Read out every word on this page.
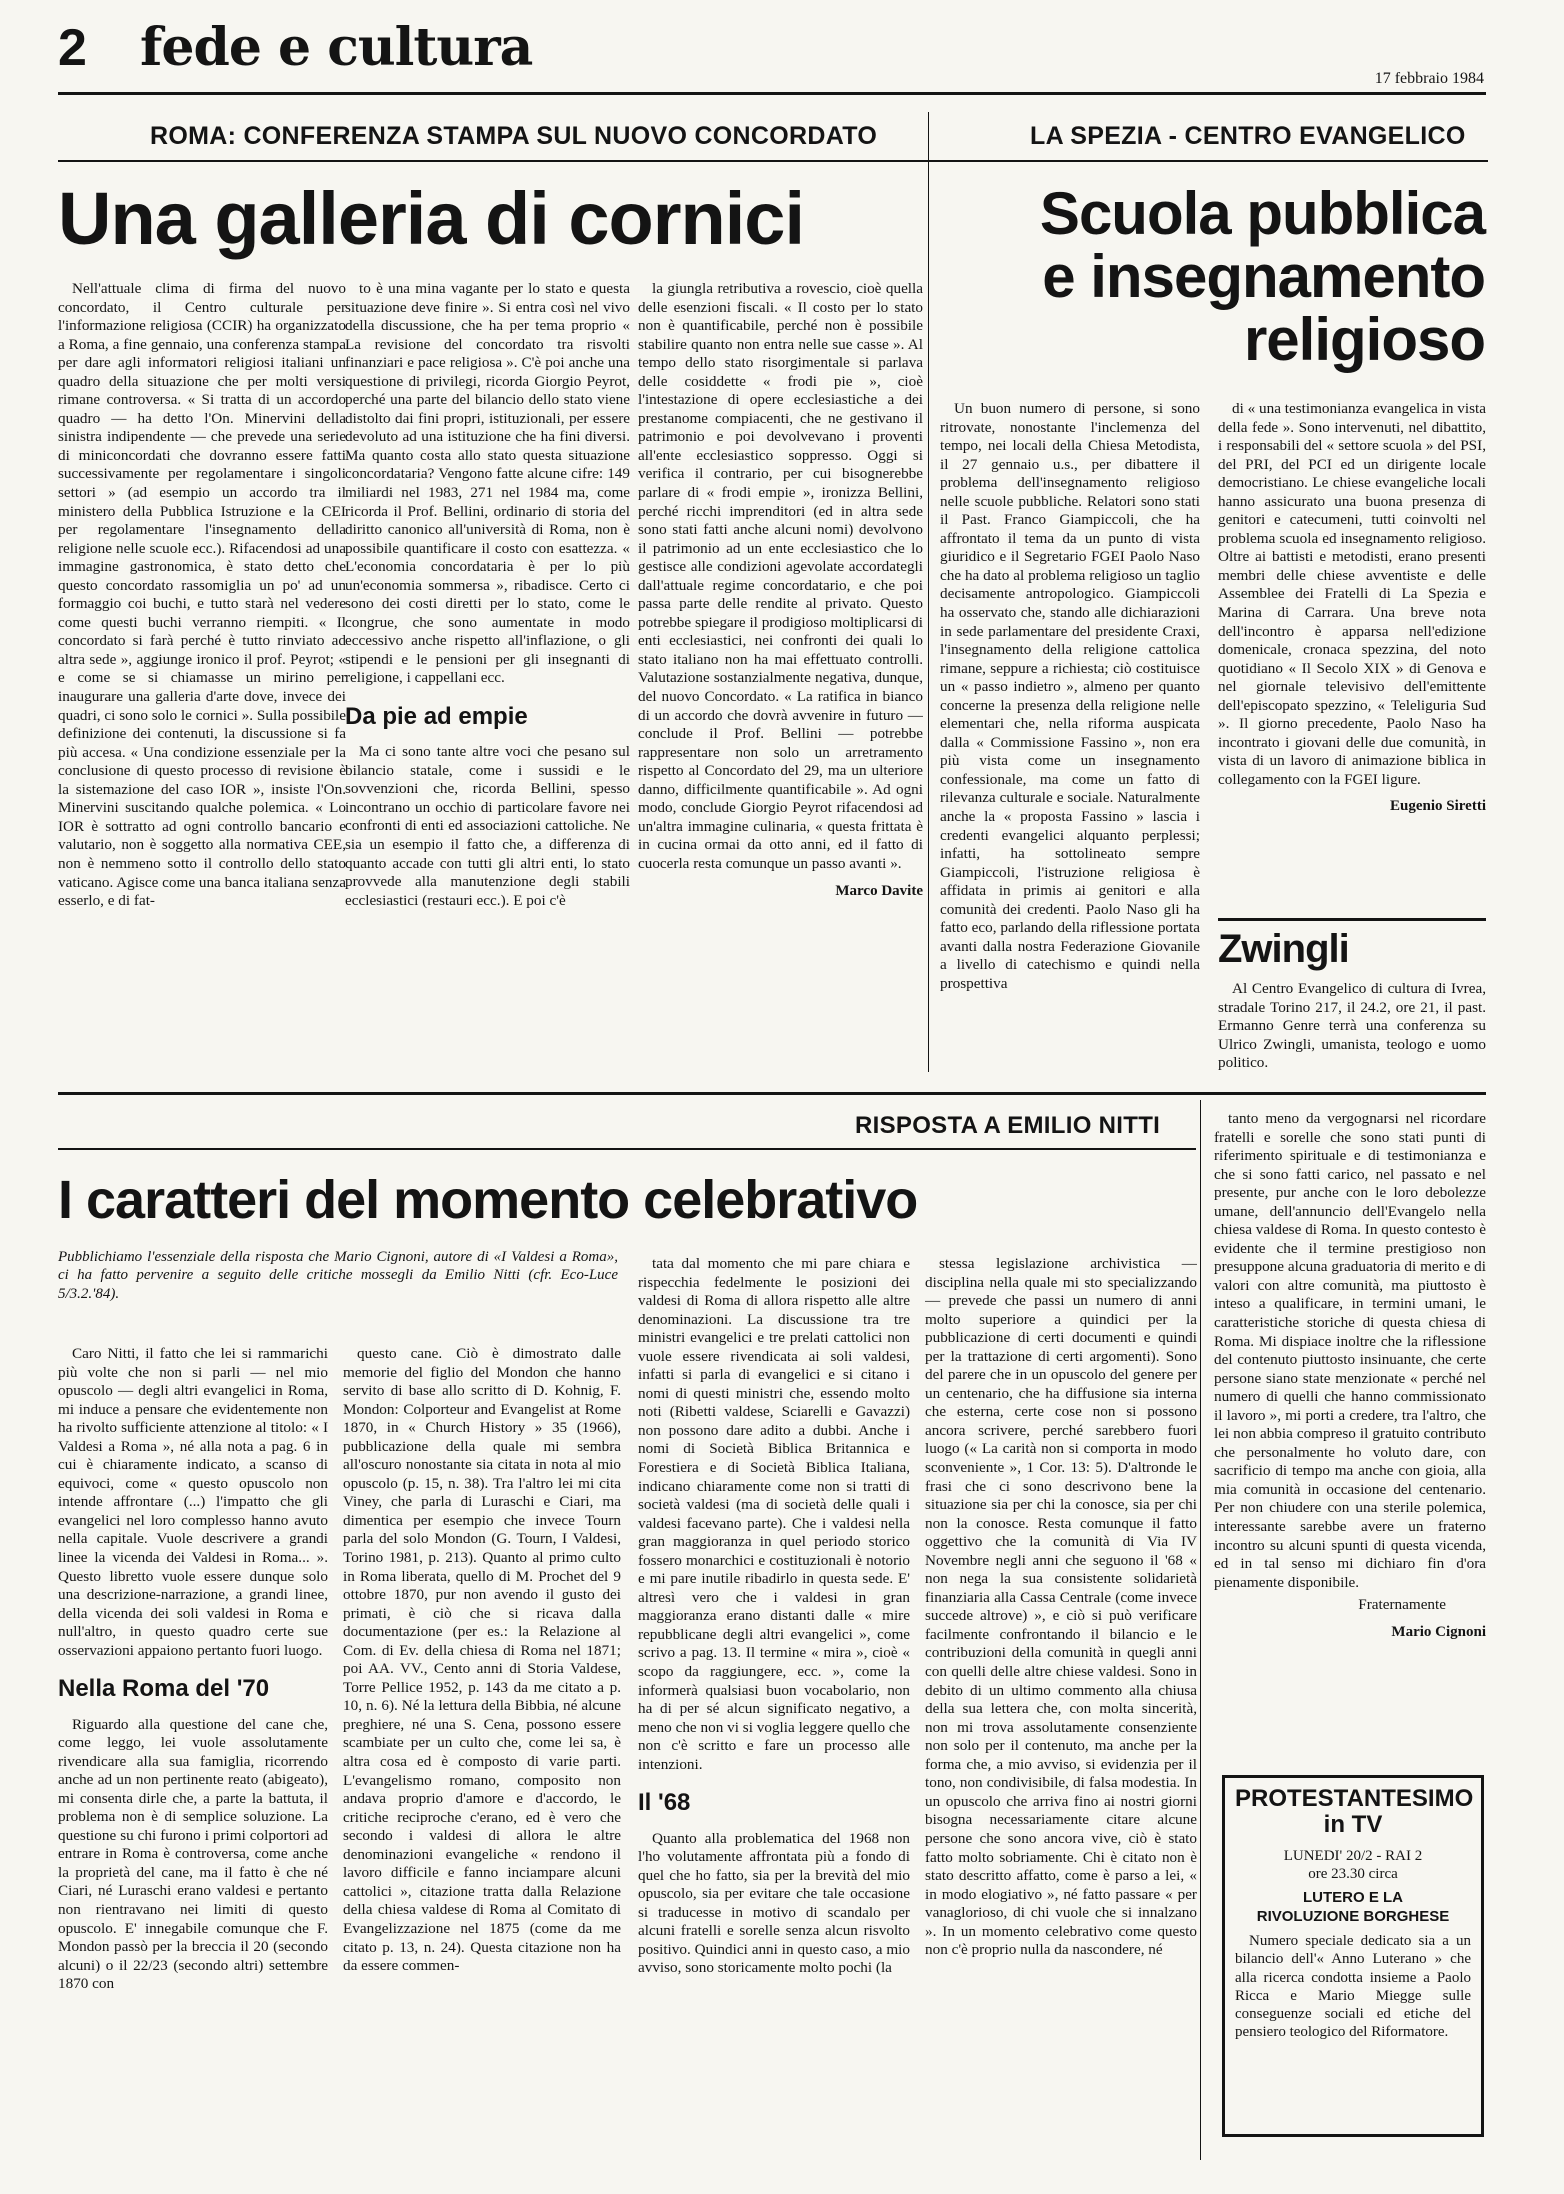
2 fede e cultura
17 febbraio 1984
ROMA: CONFERENZA STAMPA SUL NUOVO CONCORDATO
Una galleria di cornici

Nell'attuale clima di firma del nuovo concordato, il Centro culturale per l'informazione religiosa (CCIR) ha organizzato a Roma, a fine gennaio, una conferenza stampa per dare agli informatori religiosi italiani un quadro della situazione che per molti versi rimane controversa. « Si tratta di un accordo quadro — ha detto l'On. Minervini della sinistra indipendente — che prevede una serie di miniconcordati che dovranno essere fatti successivamente per regolamentare i singoli settori » (ad esempio un accordo tra il ministero della Pubblica Istruzione e la CEI per regolamentare l'insegnamento della religione nelle scuole ecc.). Rifacendosi ad una immagine gastronomica, è stato detto che questo concordato rassomiglia un po' ad un formaggio coi buchi, e tutto starà nel vedere come questi buchi verranno riempiti. « Il concordato si farà perché è tutto rinviato ad altra sede », aggiunge ironico il prof. Peyrot; « e come se si chiamasse un mirino per inaugurare una galleria d'arte dove, invece dei quadri, ci sono solo le cornici ». Sulla possibile definizione dei contenuti, la discussione si fa più accesa. « Una condizione essenziale per la conclusione di questo processo di revisione è la sistemazione del caso IOR », insiste l'On. Minervini suscitando qualche polemica. « Lo IOR è sottratto ad ogni controllo bancario e valutario, non è soggetto alla normativa CEE, non è nemmeno sotto il controllo dello stato vaticano. Agisce come una banca italiana senza esserlo, e di fat-

to è una mina vagante per lo stato e questa situazione deve finire ». Si entra così nel vivo della discussione, che ha per tema proprio « La revisione del concordato tra risvolti finanziari e pace religiosa ». C'è poi anche una questione di privilegi, ricorda Giorgio Peyrot, perché una parte del bilancio dello stato viene distolto dai fini propri, istituzionali, per essere devoluto ad una istituzione che ha fini diversi. Ma quanto costa allo stato questa situazione concordataria? Vengono fatte alcune cifre: 149 miliardi nel 1983, 271 nel 1984 ma, come ricorda il Prof. Bellini, ordinario di storia del diritto canonico all'università di Roma, non è possibile quantificare il costo con esattezza. « L'economia concordataria è per lo più un'economia sommersa », ribadisce. Certo ci sono dei costi diretti per lo stato, come le congrue, che sono aumentate in modo eccessivo anche rispetto all'inflazione, o gli stipendi e le pensioni per gli insegnanti di religione, i cappellani ecc.

Da pie ad empie

Ma ci sono tante altre voci che pesano sul bilancio statale, come i sussidi e le sovvenzioni che, ricorda Bellini, spesso incontrano un occhio di particolare favore nei confronti di enti ed associazioni cattoliche. Ne sia un esempio il fatto che, a differenza di quanto accade con tutti gli altri enti, lo stato provvede alla manutenzione degli stabili ecclesiastici (restauri ecc.). E poi c'è

la giungla retributiva a rovescio, cioè quella delle esenzioni fiscali. « Il costo per lo stato non è quantificabile, perché non è possibile stabilire quanto non entra nelle sue casse ». Al tempo dello stato risorgimentale si parlava delle cosiddette « frodi pie », cioè l'intestazione di opere ecclesiastiche a dei prestanome compiacenti, che ne gestivano il patrimonio e poi devolvevano i proventi all'ente ecclesiastico soppresso. Oggi si verifica il contrario, per cui bisognerebbe parlare di « frodi empie », ironizza Bellini, perché ricchi imprenditori (ed in altra sede sono stati fatti anche alcuni nomi) devolvono il patrimonio ad un ente ecclesiastico che lo gestisce alle condizioni agevolate accordategli dall'attuale regime concordatario, e che poi passa parte delle rendite al privato. Questo potrebbe spiegare il prodigioso moltiplicarsi di enti ecclesiastici, nei confronti dei quali lo stato italiano non ha mai effettuato controlli. Valutazione sostanzialmente negativa, dunque, del nuovo Concordato. « La ratifica in bianco di un accordo che dovrà avvenire in futuro — conclude il Prof. Bellini — potrebbe rappresentare non solo un arretramento rispetto al Concordato del 29, ma un ulteriore danno, difficilmente quantificabile ». Ad ogni modo, conclude Giorgio Peyrot rifacendosi ad un'altra immagine culinaria, « questa frittata è in cucina ormai da otto anni, ed il fatto di cuocerla resta comunque un passo avanti ».

Marco Davite
LA SPEZIA - CENTRO EVANGELICO
Scuola pubblica
e insegnamento
religioso

Un buon numero di persone, si sono ritrovate, nonostante l'inclemenza del tempo, nei locali della Chiesa Metodista, il 27 gennaio u.s., per dibattere il problema dell'insegnamento religioso nelle scuole pubbliche. Relatori sono stati il Past. Franco Giampiccoli, che ha affrontato il tema da un punto di vista giuridico e il Segretario FGEI Paolo Naso che ha dato al problema religioso un taglio decisamente antropologico. Giampiccoli ha osservato che, stando alle dichiarazioni in sede parlamentare del presidente Craxi, l'insegnamento della religione cattolica rimane, seppure a richiesta; ciò costituisce un « passo indietro », almeno per quanto concerne la presenza della religione nelle elementari che, nella riforma auspicata dalla « Commissione Fassino », non era più vista come un insegnamento confessionale, ma come un fatto di rilevanza culturale e sociale. Naturalmente anche la « proposta Fassino » lascia i credenti evangelici alquanto perplessi; infatti, ha sottolineato sempre Giampiccoli, l'istruzione religiosa è affidata in primis ai genitori e alla comunità dei credenti. Paolo Naso gli ha fatto eco, parlando della riflessione portata avanti dalla nostra Federazione Giovanile a livello di catechismo e quindi nella prospettiva

di « una testimonianza evangelica in vista della fede ». Sono intervenuti, nel dibattito, i responsabili del « settore scuola » del PSI, del PRI, del PCI ed un dirigente locale democristiano. Le chiese evangeliche locali hanno assicurato una buona presenza di genitori e catecumeni, tutti coinvolti nel problema scuola ed insegnamento religioso. Oltre ai battisti e metodisti, erano presenti membri delle chiese avventiste e delle Assemblee dei Fratelli di La Spezia e Marina di Carrara. Una breve nota dell'incontro è apparsa nell'edizione domenicale, cronaca spezzina, del noto quotidiano « Il Secolo XIX » di Genova e nel giornale televisivo dell'emittente dell'episcopato spezzino, « Teleliguria Sud ». Il giorno precedente, Paolo Naso ha incontrato i giovani delle due comunità, in vista di un lavoro di animazione biblica in collegamento con la FGEI ligure.

Eugenio Siretti
Zwingli

Al Centro Evangelico di cultura di Ivrea, stradale Torino 217, il 24.2, ore 21, il past. Ermanno Genre terrà una conferenza su Ulrico Zwingli, umanista, teologo e uomo politico.

RISPOSTA A EMILIO NITTI
I caratteri del momento celebrativo
Pubblichiamo l'essenziale della risposta che Mario Cignoni, autore di «I Valdesi a Roma», ci ha fatto pervenire a seguito delle critiche mossegli da Emilio Nitti (cfr. Eco-Luce 5/3.2.'84).

Caro Nitti, il fatto che lei si rammarichi più volte che non si parli — nel mio opuscolo — degli altri evangelici in Roma, mi induce a pensare che evidentemente non ha rivolto sufficiente attenzione al titolo: « I Valdesi a Roma », né alla nota a pag. 6 in cui è chiaramente indicato, a scanso di equivoci, come « questo opuscolo non intende affrontare (...) l'impatto che gli evangelici nel loro complesso hanno avuto nella capitale. Vuole descrivere a grandi linee la vicenda dei Valdesi in Roma... ». Questo libretto vuole essere dunque solo una descrizione-narrazione, a grandi linee, della vicenda dei soli valdesi in Roma e null'altro, in questo quadro certe sue osservazioni appaiono pertanto fuori luogo.

Nella Roma del '70

Riguardo alla questione del cane che, come leggo, lei vuole assolutamente rivendicare alla sua famiglia, ricorrendo anche ad un non pertinente reato (abigeato), mi consenta dirle che, a parte la battuta, il problema non è di semplice soluzione. La questione su chi furono i primi colportori ad entrare in Roma è controversa, come anche la proprietà del cane, ma il fatto è che né Ciari, né Luraschi erano valdesi e pertanto non rientravano nei limiti di questo opuscolo. E' innegabile comunque che F. Mondon passò per la breccia il 20 (secondo alcuni) o il 22/23 (secondo altri) settembre 1870 con

questo cane. Ciò è dimostrato dalle memorie del figlio del Mondon che hanno servito di base allo scritto di D. Kohnig, F. Mondon: Colporteur and Evangelist at Rome 1870, in « Church History » 35 (1966), pubblicazione della quale mi sembra all'oscuro nonostante sia citata in nota al mio opuscolo (p. 15, n. 38). Tra l'altro lei mi cita Viney, che parla di Luraschi e Ciari, ma dimentica per esempio che invece Tourn parla del solo Mondon (G. Tourn, I Valdesi, Torino 1981, p. 213). Quanto al primo culto in Roma liberata, quello di M. Prochet del 9 ottobre 1870, pur non avendo il gusto dei primati, è ciò che si ricava dalla documentazione (per es.: la Relazione al Com. di Ev. della chiesa di Roma nel 1871; poi AA. VV., Cento anni di Storia Valdese, Torre Pellice 1952, p. 143 da me citato a p. 10, n. 6). Né la lettura della Bibbia, né alcune preghiere, né una S. Cena, possono essere scambiate per un culto che, come lei sa, è altra cosa ed è composto di varie parti. L'evangelismo romano, composito non andava proprio d'amore e d'accordo, le critiche reciproche c'erano, ed è vero che secondo i valdesi di allora le altre denominazioni evangeliche « rendono il lavoro difficile e fanno inciampare alcuni cattolici », citazione tratta dalla Relazione della chiesa valdese di Roma al Comitato di Evangelizzazione nel 1875 (come da me citato p. 13, n. 24). Questa citazione non ha da essere commen-

tata dal momento che mi pare chiara e rispecchia fedelmente le posizioni dei valdesi di Roma di allora rispetto alle altre denominazioni. La discussione tra tre ministri evangelici e tre prelati cattolici non vuole essere rivendicata ai soli valdesi, infatti si parla di evangelici e si citano i nomi di questi ministri che, essendo molto noti (Ribetti valdese, Sciarelli e Gavazzi) non possono dare adito a dubbi. Anche i nomi di Società Biblica Britannica e Forestiera e di Società Biblica Italiana, indicano chiaramente come non si tratti di società valdesi (ma di società delle quali i valdesi facevano parte). Che i valdesi nella gran maggioranza in quel periodo storico fossero monarchici e costituzionali è notorio e mi pare inutile ribadirlo in questa sede. E' altresì vero che i valdesi in gran maggioranza erano distanti dalle « mire repubblicane degli altri evangelici », come scrivo a pag. 13. Il termine « mira », cioè « scopo da raggiungere, ecc. », come la informerà qualsiasi buon vocabolario, non ha di per sé alcun significato negativo, a meno che non vi si voglia leggere quello che non c'è scritto e fare un processo alle intenzioni.

Il '68

Quanto alla problematica del 1968 non l'ho volutamente affrontata più a fondo di quel che ho fatto, sia per la brevità del mio opuscolo, sia per evitare che tale occasione si traducesse in motivo di scandalo per alcuni fratelli e sorelle senza alcun risvolto positivo. Quindici anni in questo caso, a mio avviso, sono storicamente molto pochi (la

stessa legislazione archivistica — disciplina nella quale mi sto specializzando — prevede che passi un numero di anni molto superiore a quindici per la pubblicazione di certi documenti e quindi per la trattazione di certi argomenti). Sono del parere che in un opuscolo del genere per un centenario, che ha diffusione sia interna che esterna, certe cose non si possono ancora scrivere, perché sarebbero fuori luogo (« La carità non si comporta in modo sconveniente », 1 Cor. 13: 5). D'altronde le frasi che ci sono descrivono bene la situazione sia per chi la conosce, sia per chi non la conosce. Resta comunque il fatto oggettivo che la comunità di Via IV Novembre negli anni che seguono il '68 « non nega la sua consistente solidarietà finanziaria alla Cassa Centrale (come invece succede altrove) », e ciò si può verificare facilmente confrontando il bilancio e le contribuzioni della comunità in quegli anni con quelli delle altre chiese valdesi. Sono in debito di un ultimo commento alla chiusa della sua lettera che, con molta sincerità, non mi trova assolutamente consenziente non solo per il contenuto, ma anche per la forma che, a mio avviso, si evidenzia per il tono, non condivisibile, di falsa modestia. In un opuscolo che arriva fino ai nostri giorni bisogna necessariamente citare alcune persone che sono ancora vive, ciò è stato fatto molto sobriamente. Chi è citato non è stato descritto affatto, come è parso a lei, « in modo elogiativo », né fatto passare « per vanaglorioso, di chi vuole che si innalzano ». In un momento celebrativo come questo non c'è proprio nulla da nascondere, né

tanto meno da vergognarsi nel ricordare fratelli e sorelle che sono stati punti di riferimento spirituale e di testimonianza e che si sono fatti carico, nel passato e nel presente, pur anche con le loro debolezze umane, dell'annuncio dell'Evangelo nella chiesa valdese di Roma. In questo contesto è evidente che il termine prestigioso non presuppone alcuna graduatoria di merito e di valori con altre comunità, ma piuttosto è inteso a qualificare, in termini umani, le caratteristiche storiche di questa chiesa di Roma. Mi dispiace inoltre che la riflessione del contenuto piuttosto insinuante, che certe persone siano state menzionate « perché nel numero di quelli che hanno commissionato il lavoro », mi porti a credere, tra l'altro, che lei non abbia compreso il gratuito contributo che personalmente ho voluto dare, con sacrificio di tempo ma anche con gioia, alla mia comunità in occasione del centenario. Per non chiudere con una sterile polemica, interessante sarebbe avere un fraterno incontro su alcuni spunti di questa vicenda, ed in tal senso mi dichiaro fin d'ora pienamente disponibile.

Fraternamente
Mario Cignoni
PROTESTANTESIMO
in TV
LUNEDI' 20/2 - RAI 2
ore 23.30 circa
LUTERO E LA
RIVOLUZIONE BORGHESE
Numero speciale dedicato sia a un bilancio dell'« Anno Luterano » che alla ricerca condotta insieme a Paolo Ricca e Mario Miegge sulle conseguenze sociali ed etiche del pensiero teologico del Riformatore.
